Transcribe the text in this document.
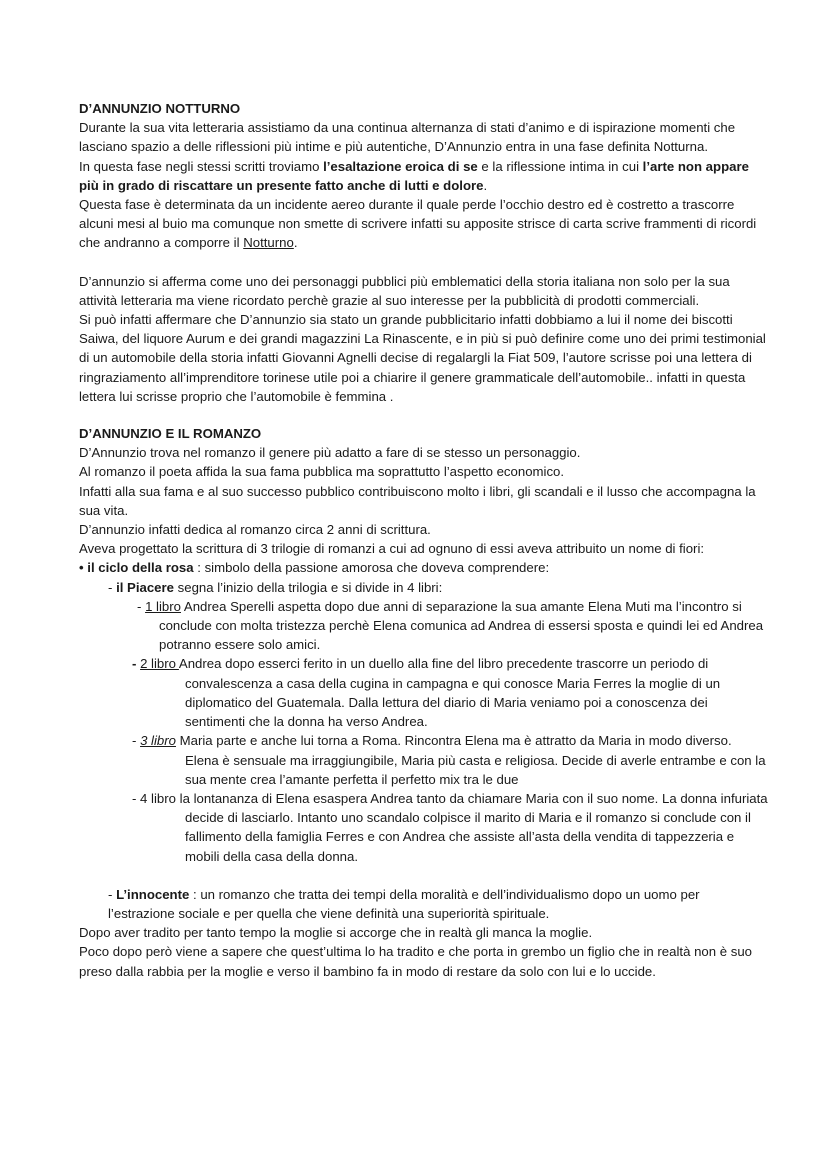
D’ANNUNZIO NOTTURNO

Durante la sua vita letteraria assistiamo da una continua alternanza di stati d’animo e di ispirazione momenti che lasciano spazio a delle riflessioni più intime e più autentiche, D’Annunzio entra in una fase definita Notturna.

In questa fase negli stessi scritti troviamo l’esaltazione eroica di se e la riflessione intima in cui l’arte non appare più in grado di riscattare un presente fatto anche di lutti e dolore.

Questa fase è determinata da un incidente aereo durante il quale perde l’occhio destro ed è costretto a trascorre alcuni mesi al buio ma comunque non smette di scrivere infatti su apposite strisce di carta scrive frammenti di ricordi che andranno a comporre il Notturno.

D’annunzio si afferma come uno dei personaggi pubblici più emblematici della storia italiana non solo per la sua attività letteraria ma viene ricordato perchè grazie al suo interesse per la pubblicità di prodotti commerciali.

Si può infatti affermare che D’annunzio sia stato un grande pubblicitario infatti dobbiamo a lui il nome dei biscotti Saiwa, del liquore Aurum e dei grandi magazzini La Rinascente, e in più si può definire come uno dei primi testimonial di un automobile della storia infatti Giovanni Agnelli decise di regalargli la Fiat 509, l’autore scrisse poi una lettera di ringraziamento all’imprenditore torinese utile poi a chiarire il genere grammaticale dell’automobile.. infatti in questa lettera lui scrisse proprio che l’automobile è femmina .

D’ANNUNZIO E IL ROMANZO

D’Annunzio trova nel romanzo il genere più adatto a fare di se stesso un personaggio.

Al romanzo il poeta affida la sua fama pubblica ma soprattutto l’aspetto economico.

Infatti alla sua fama e al suo successo pubblico contribuiscono molto i libri, gli scandali e il lusso che accompagna la sua vita.

D’annunzio infatti dedica al romanzo circa 2 anni di scrittura.

Aveva progettato la scrittura di 3 trilogie di romanzi a cui ad ognuno di essi aveva attribuito un nome di fiori:

• il ciclo della rosa : simbolo della passione amorosa che doveva comprendere:

- il Piacere segna l’inizio della trilogia e si divide in 4 libri:

- 1 libro Andrea Sperelli aspetta dopo due anni di separazione la sua amante Elena Muti ma l’incontro si conclude con molta tristezza perchè Elena comunica ad Andrea di essersi sposta e quindi lei ed Andrea potranno essere solo amici.

- 2 libro Andrea dopo esserci ferito in un duello alla fine del libro precedente trascorre un periodo di convalescenza a casa della cugina in campagna e qui conosce Maria Ferres la moglie di un diplomatico del Guatemala. Dalla lettura del diario di Maria veniamo poi a conoscenza dei sentimenti che la donna ha verso Andrea.

- 3 libro Maria parte e anche lui torna a Roma. Rincontra Elena ma è attratto da Maria in modo diverso. Elena è sensuale ma irraggiungibile, Maria più casta e religiosa. Decide di averle entrambe e con la sua mente crea l’amante perfetta il perfetto mix tra le due

- 4 libro la lontananza di Elena esaspera Andrea tanto da chiamare Maria con il suo nome. La donna infuriata decide di lasciarlo. Intanto uno scandalo colpisce il marito di Maria e il romanzo si conclude con il fallimento della famiglia Ferres e con Andrea che assiste all’asta della vendita di tappezzeria e mobili della casa della donna.

- L’innocente : un romanzo che tratta dei tempi della moralità e dell’individualismo dopo un uomo per l’estrazione sociale e per quella che viene definità una superiorità spirituale.

Dopo aver tradito per tanto tempo la moglie si accorge che in realtà gli manca la moglie.

Poco dopo però viene a sapere che quest’ultima lo ha tradito e che porta in grembo un figlio che in realtà non è suo preso dalla rabbia per la moglie e verso il bambino fa in modo di restare da solo con lui e lo uccide.
